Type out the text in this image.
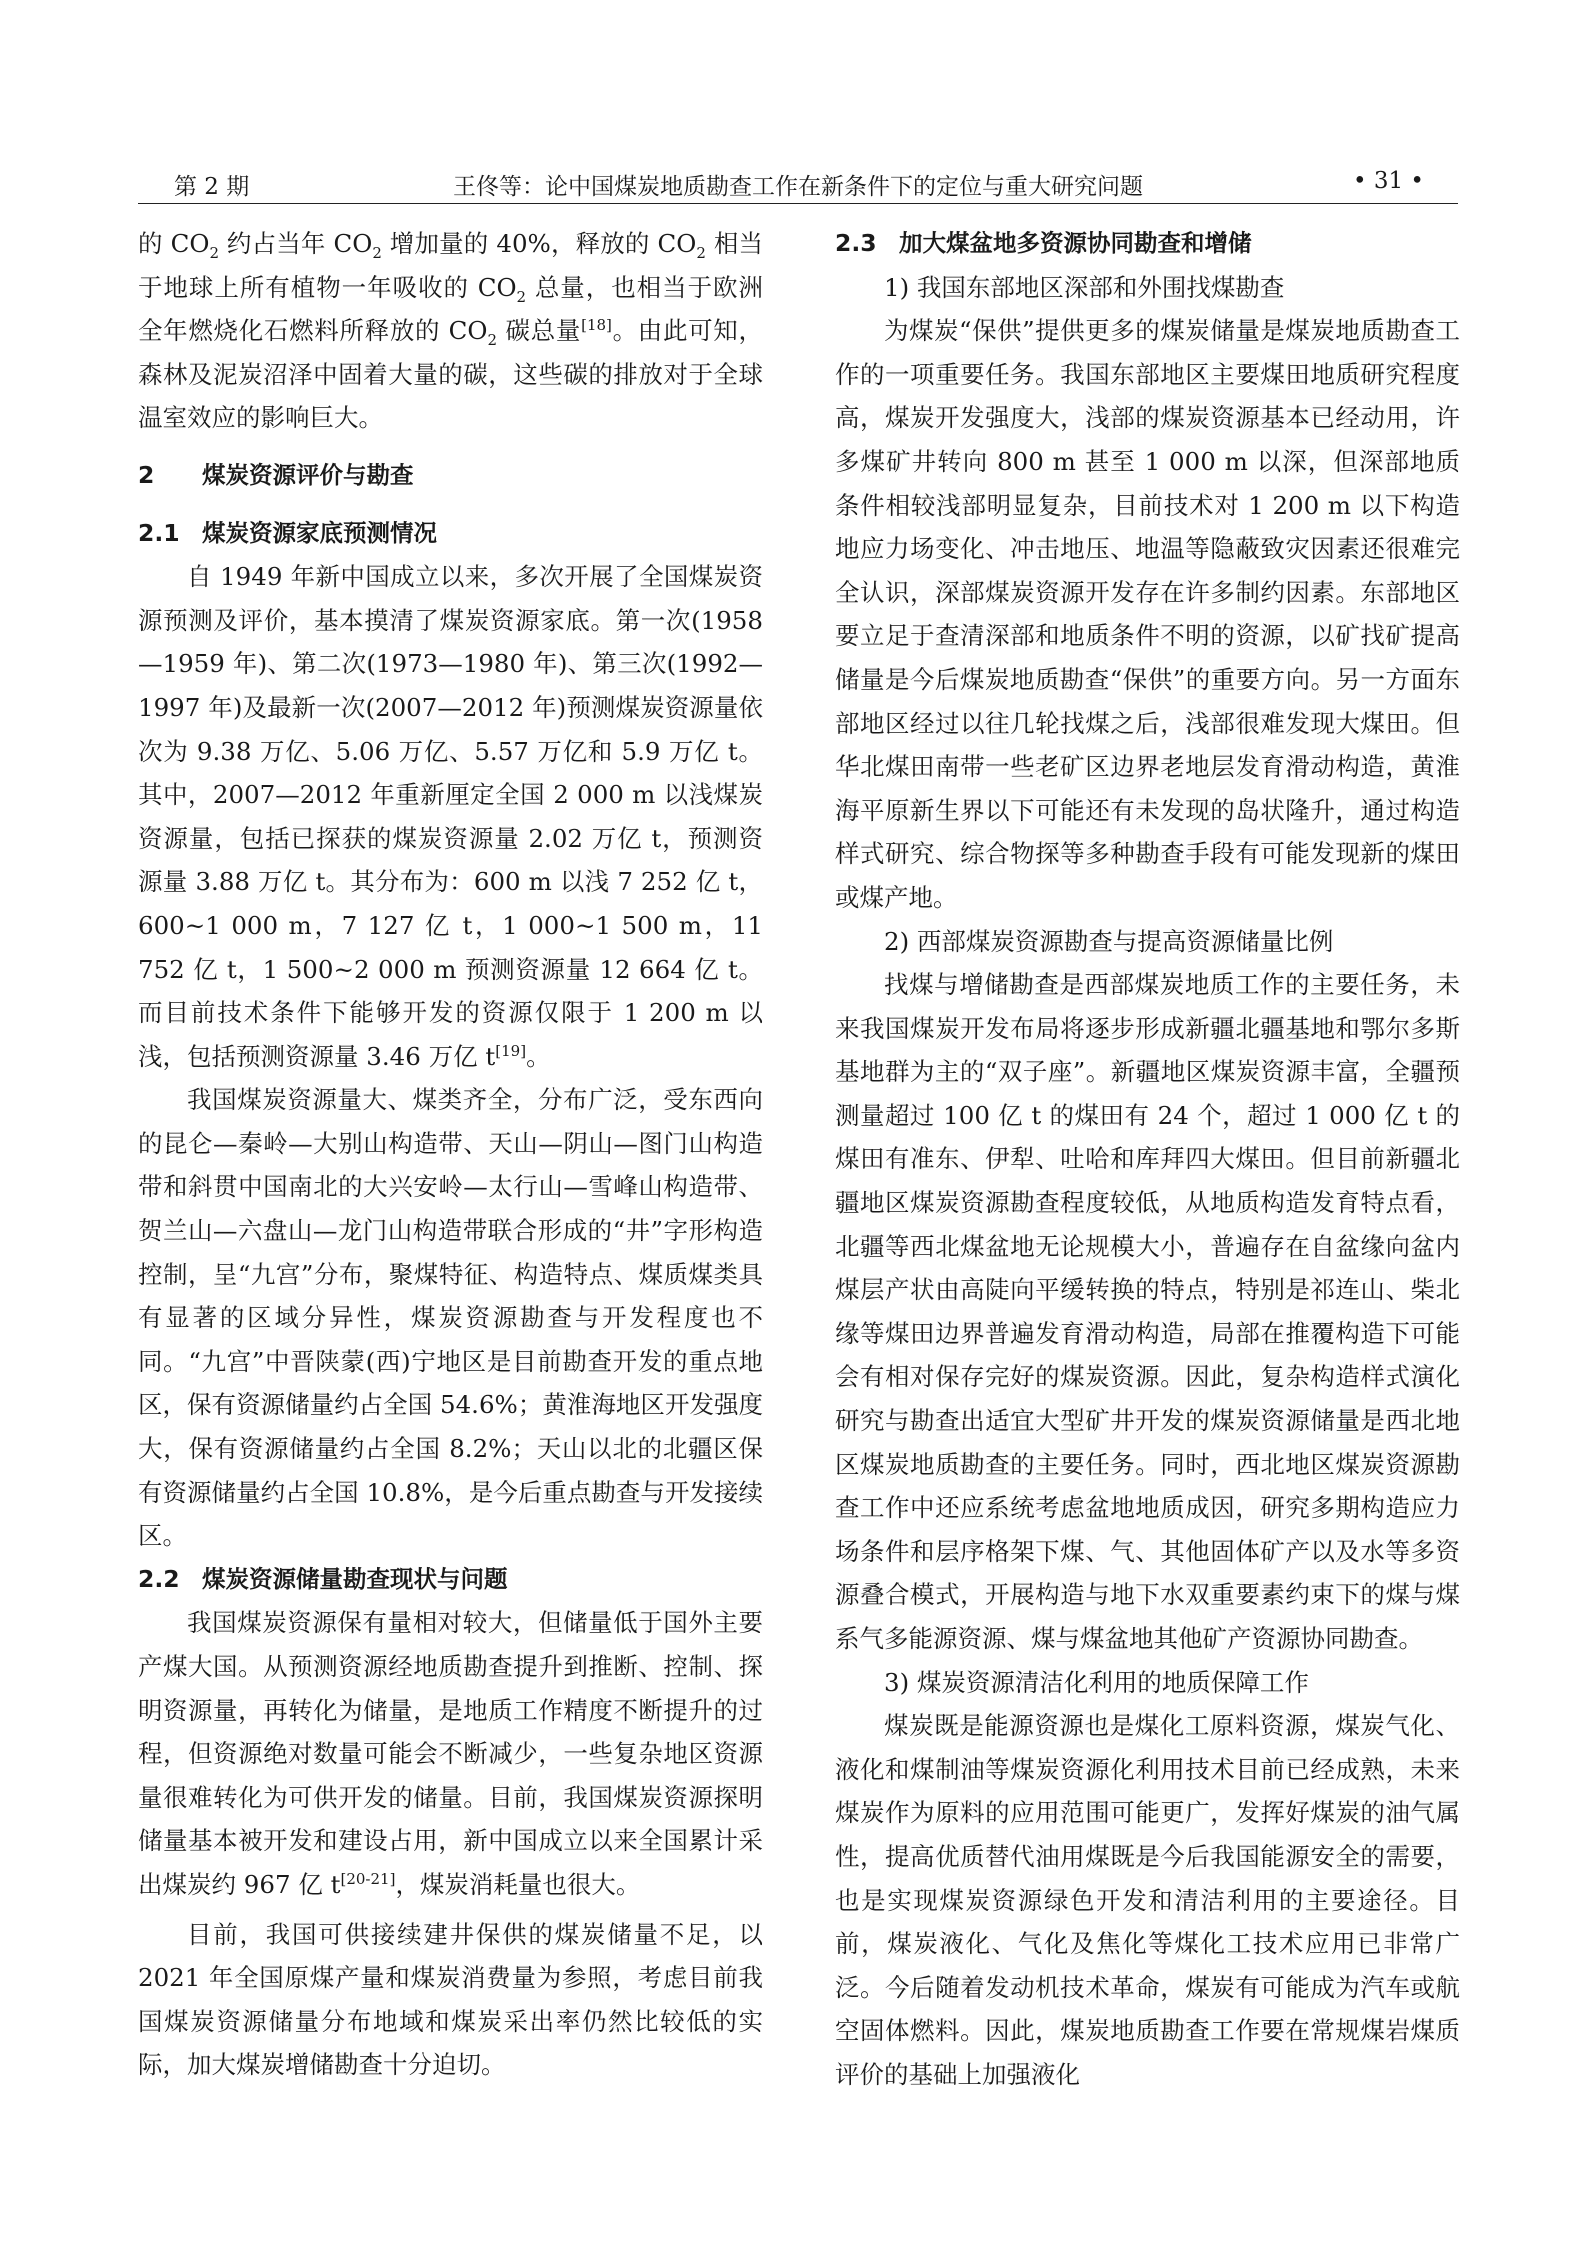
第 2 期	王佟等：论中国煤炭地质勘查工作在新条件下的定位与重大研究问题	• 31 •

的 $CO_2$ 约占当年 $CO_2$ 增加量的 40%，释放的 $CO_2$ 相当于地球上所有植物一年吸收的 $CO_2$ 总量，也相当于欧洲全年燃烧化石燃料所释放的 $CO_2$ 碳总量[18]。由此可知，森林及泥炭沼泽中固着大量的碳，这些碳的排放对于全球温室效应的影响巨大。

2 煤炭资源评价与勘查
2.1 煤炭资源家底预测情况

自 1949 年新中国成立以来，多次开展了全国煤炭资源预测及评价，基本摸清了煤炭资源家底。第一次(1958—1959 年)、第二次(1973—1980 年)、第三次(1992—1997 年)及最新一次(2007—2012 年)预测煤炭资源量依次为 9.38 万亿、5.06 万亿、5.57 万亿和 5.9 万亿 t。其中，2007—2012 年重新厘定全国 2 000 m 以浅煤炭资源量，包括已探获的煤炭资源量 2.02 万亿 t，预测资源量 3.88 万亿 t。其分布为：600 m 以浅 7 252 亿 t，600~1 000 m，7 127 亿 t，1 000~1 500 m，11 752 亿 t，1 500~2 000 m 预测资源量 12 664 亿 t。而目前技术条件下能够开发的资源仅限于 1 200 m 以浅，包括预测资源量 3.46 万亿 t[19]。

我国煤炭资源量大、煤类齐全，分布广泛，受东西向的昆仑—秦岭—大别山构造带、天山—阴山—图门山构造带和斜贯中国南北的大兴安岭—太行山—雪峰山构造带、贺兰山—六盘山—龙门山构造带联合形成的“井”字形构造控制，呈“九宫”分布，聚煤特征、构造特点、煤质煤类具有显著的区域分异性，煤炭资源勘查与开发程度也不同。“九宫”中晋陕蒙(西)宁地区是目前勘查开发的重点地区，保有资源储量约占全国 54.6%；黄淮海地区开发强度大，保有资源储量约占全国 8.2%；天山以北的北疆区保有资源储量约占全国 10.8%，是今后重点勘查与开发接续区。

2.2 煤炭资源储量勘查现状与问题

我国煤炭资源保有量相对较大，但储量低于国外主要产煤大国。从预测资源经地质勘查提升到推断、控制、探明资源量，再转化为储量，是地质工作精度不断提升的过程，但资源绝对数量可能会不断减少，一些复杂地区资源量很难转化为可供开发的储量。目前，我国煤炭资源探明储量基本被开发和建设占用，新中国成立以来全国累计采出煤炭约 967 亿 t[20-21]，煤炭消耗量也很大。

目前，我国可供接续建井保供的煤炭储量不足，以 2021 年全国原煤产量和煤炭消费量为参照，考虑目前我国煤炭资源储量分布地域和煤炭采出率仍然比较低的实际，加大煤炭增储勘查十分迫切。

2.3 加大煤盆地多资源协同勘查和增储

1) 我国东部地区深部和外围找煤勘查

为煤炭“保供”提供更多的煤炭储量是煤炭地质勘查工作的一项重要任务。我国东部地区主要煤田地质研究程度高，煤炭开发强度大，浅部的煤炭资源基本已经动用，许多煤矿井转向 800 m 甚至 1 000 m 以深，但深部地质条件相较浅部明显复杂，目前技术对 1 200 m 以下构造地应力场变化、冲击地压、地温等隐蔽致灾因素还很难完全认识，深部煤炭资源开发存在许多制约因素。东部地区要立足于查清深部和地质条件不明的资源，以矿找矿提高储量是今后煤炭地质勘查“保供”的重要方向。另一方面东部地区经过以往几轮找煤之后，浅部很难发现大煤田。但华北煤田南带一些老矿区边界老地层发育滑动构造，黄淮海平原新生界以下可能还有未发现的岛状隆升，通过构造样式研究、综合物探等多种勘查手段有可能发现新的煤田或煤产地。

2) 西部煤炭资源勘查与提高资源储量比例

找煤与增储勘查是西部煤炭地质工作的主要任务，未来我国煤炭开发布局将逐步形成新疆北疆基地和鄂尔多斯基地群为主的“双子座”。新疆地区煤炭资源丰富，全疆预测量超过 100 亿 t 的煤田有 24 个，超过 1 000 亿 t 的煤田有准东、伊犁、吐哈和库拜四大煤田。但目前新疆北疆地区煤炭资源勘查程度较低，从地质构造发育特点看，北疆等西北煤盆地无论规模大小，普遍存在自盆缘向盆内煤层产状由高陡向平缓转换的特点，特别是祁连山、柴北缘等煤田边界普遍发育滑动构造，局部在推覆构造下可能会有相对保存完好的煤炭资源。因此，复杂构造样式演化研究与勘查出适宜大型矿井开发的煤炭资源储量是西北地区煤炭地质勘查的主要任务。同时，西北地区煤炭资源勘查工作中还应系统考虑盆地地质成因，研究多期构造应力场条件和层序格架下煤、气、其他固体矿产以及水等多资源叠合模式，开展构造与地下水双重要素约束下的煤与煤系气多能源资源、煤与煤盆地其他矿产资源协同勘查。

3) 煤炭资源清洁化利用的地质保障工作

煤炭既是能源资源也是煤化工原料资源，煤炭气化、液化和煤制油等煤炭资源化利用技术目前已经成熟，未来煤炭作为原料的应用范围可能更广，发挥好煤炭的油气属性，提高优质替代油用煤既是今后我国能源安全的需要，也是实现煤炭资源绿色开发和清洁利用的主要途径。目前，煤炭液化、气化及焦化等煤化工技术应用已非常广泛。今后随着发动机技术革命，煤炭有可能成为汽车或航空固体燃料。因此，煤炭地质勘查工作要在常规煤岩煤质评价的基础上加强液化
